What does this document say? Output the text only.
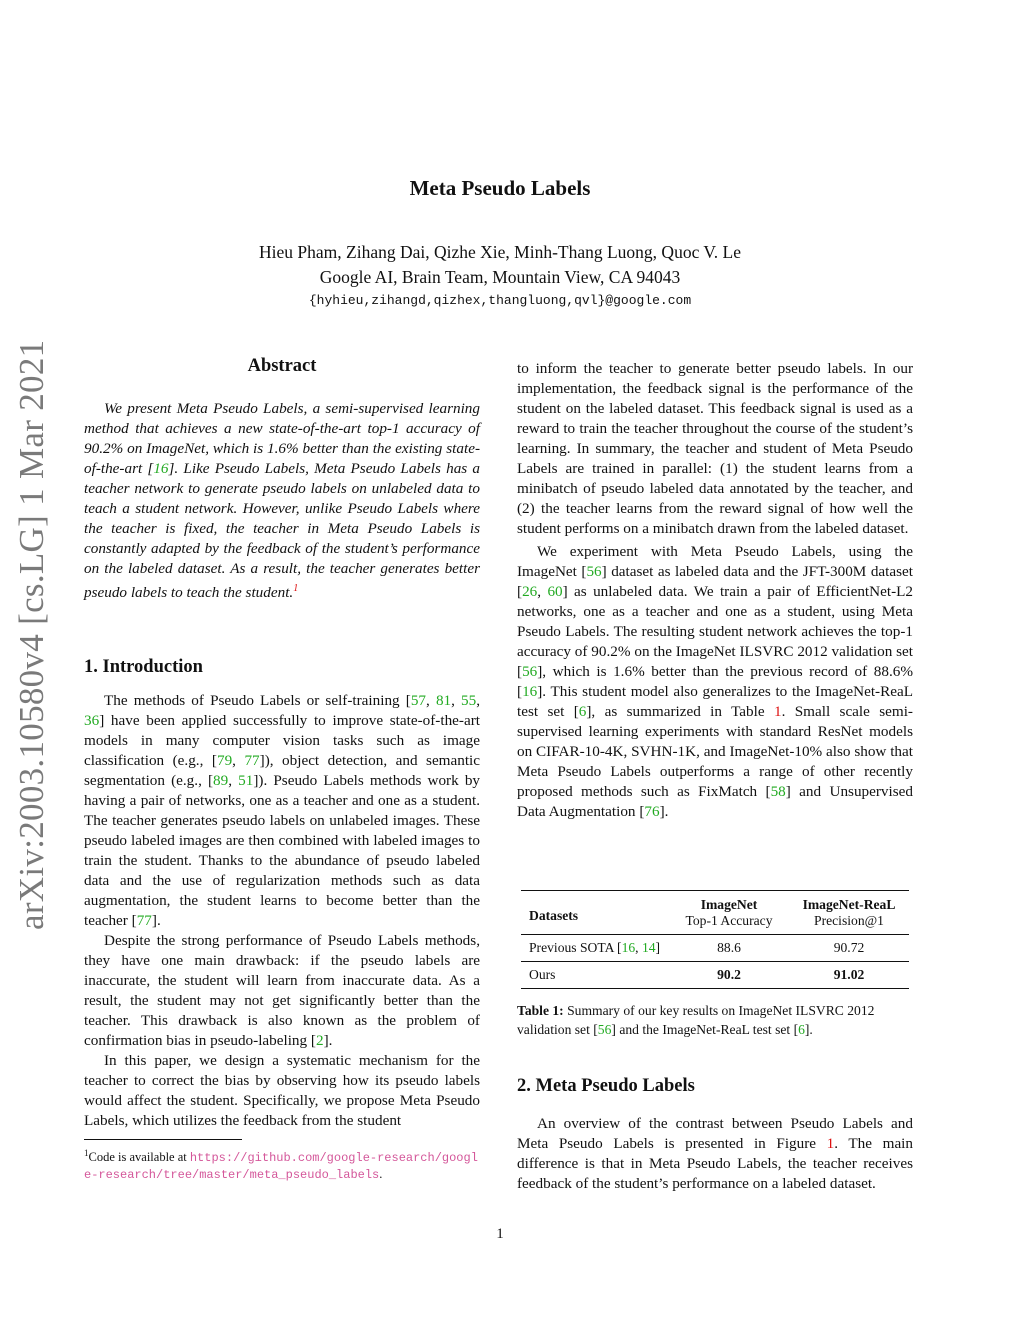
Meta Pseudo Labels
Hieu Pham, Zihang Dai, Qizhe Xie, Minh-Thang Luong, Quoc V. Le
Google AI, Brain Team, Mountain View, CA 94043
{hyhieu,zihangd,qizhex,thangluong,qvl}@google.com
arXiv:2003.10580v4 [cs.LG] 1 Mar 2021	Abstract

We present Meta Pseudo Labels, a semi-supervised learning method that achieves a new state-of-the-art top-1 accuracy of 90.2% on ImageNet, which is 1.6% better than the existing state-of-the-art [16]. Like Pseudo Labels, Meta Pseudo Labels has a teacher network to generate pseudo labels on unlabeled data to teach a student network. However, unlike Pseudo Labels where the teacher is fixed, the teacher in Meta Pseudo Labels is constantly adapted by the feedback of the student’s performance on the labeled dataset. As a result, the teacher generates better pseudo labels to teach the student.$^1$

1. Introduction

The methods of Pseudo Labels or self-training [57, 81, 55, 36] have been applied successfully to improve state-of-the-art models in many computer vision tasks such as image classification (e.g., [79, 77]), object detection, and semantic segmentation (e.g., [89, 51]). Pseudo Labels methods work by having a pair of networks, one as a teacher and one as a student. The teacher generates pseudo labels on unlabeled images. These pseudo labeled images are then combined with labeled images to train the student. Thanks to the abundance of pseudo labeled data and the use of regularization methods such as data augmentation, the student learns to become better than the teacher [77].

Despite the strong performance of Pseudo Labels methods, they have one main drawback: if the pseudo labels are inaccurate, the student will learn from inaccurate data. As a result, the student may not get significantly better than the teacher. This drawback is also known as the problem of confirmation bias in pseudo-labeling [2].

In this paper, we design a systematic mechanism for the teacher to correct the bias by observing how its pseudo labels would affect the student. Specifically, we propose Meta Pseudo Labels, which utilizes the feedback from the student

$^1$Code is available at https://github.com/google-research/google-research/tree/master/meta_pseudo_labels.

to inform the teacher to generate better pseudo labels. In our implementation, the feedback signal is the performance of the student on the labeled dataset. This feedback signal is used as a reward to train the teacher throughout the course of the student’s learning. In summary, the teacher and student of Meta Pseudo Labels are trained in parallel: (1) the student learns from a minibatch of pseudo labeled data annotated by the teacher, and (2) the teacher learns from the reward signal of how well the student performs on a minibatch drawn from the labeled dataset.

We experiment with Meta Pseudo Labels, using the ImageNet [56] dataset as labeled data and the JFT-300M dataset [26, 60] as unlabeled data. We train a pair of EfficientNet-L2 networks, one as a teacher and one as a student, using Meta Pseudo Labels. The resulting student network achieves the top-1 accuracy of 90.2% on the ImageNet ILSVRC 2012 validation set [56], which is 1.6% better than the previous record of 88.6% [16]. This student model also generalizes to the ImageNet-ReaL test set [6], as summarized in Table 1. Small scale semi-supervised learning experiments with standard ResNet models on CIFAR-10-4K, SVHN-1K, and ImageNet-10% also show that Meta Pseudo Labels outperforms a range of other recently proposed methods such as FixMatch [58] and Unsupervised Data Augmentation [76].

Datasets	ImageNet	ImageNet-ReaL
	Top-1 Accuracy	Precision@1
Previous SOTA [16, 14]	88.6	90.72
Ours	90.2	91.02
Table 1: Summary of our key results on ImageNet ILSVRC 2012 validation set [56] and the ImageNet-ReaL test set [6].
2. Meta Pseudo Labels

An overview of the contrast between Pseudo Labels and Meta Pseudo Labels is presented in Figure 1. The main difference is that in Meta Pseudo Labels, the teacher receives feedback of the student’s performance on a labeled dataset.

1
